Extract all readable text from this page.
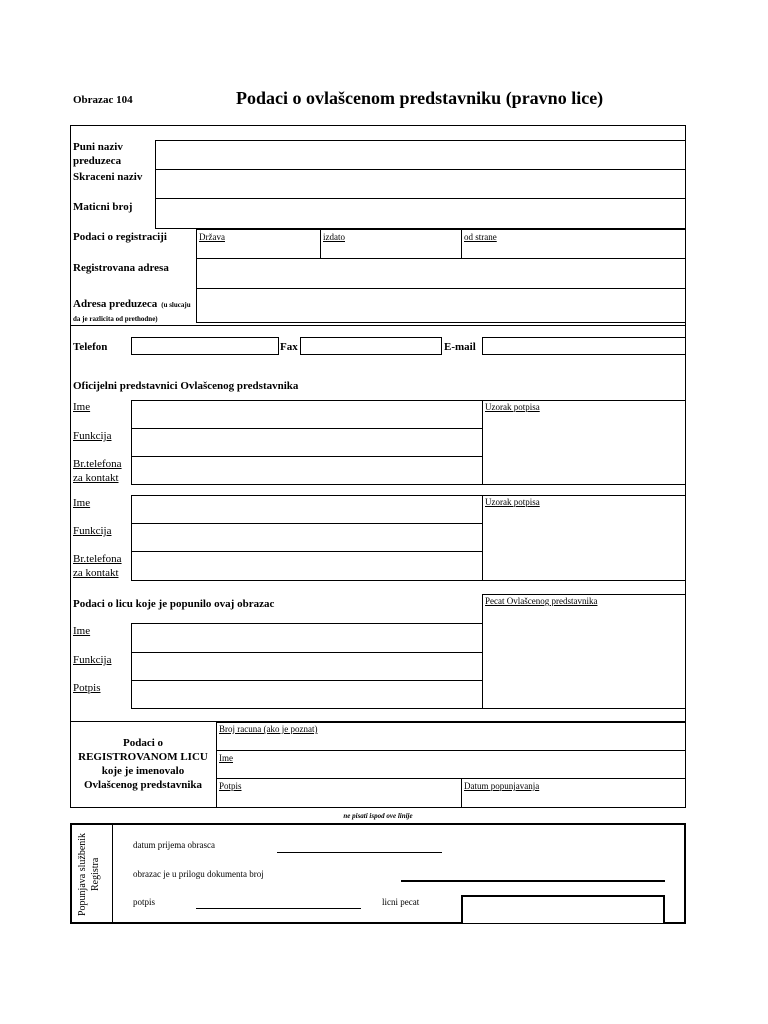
Obrazac 104	Podaci o ovlašcenom predstavniku (pravno lice)
Puni naziv preduzeca
Skraceni naziv
Maticni broj
Podaci o registraciji	Država	izdato	od strane
Registrovana adresa
Adresa preduzeca (u slucaju da je razlicita od prethodne)
Telefon	Fax	E-mail
Oficijelni predstavnici Ovlašcenog predstavnika
Ime
Funkcija
Br.telefona
za kontakt
Uzorak potpisa
Ime
Funkcija
Br.telefona
za kontakt
Uzorak potpisa
Podaci o licu koje je popunilo ovaj obrazac	Pecat Ovlašcenog predstavnika
Ime
Funkcija
Potpis
Podaci o
REGISTROVANOM LICU
koje je imenovalo
Ovlašcenog predstavnika
Broj racuna (ako je poznat)
Ime
Potpis	Datum popunjavanja
ne pisati ispod ove linije
Popunjava službenik Registra
datum prijema obrasca
obrazac je u prilogu dokumenta broj
potpis	licni pecat
